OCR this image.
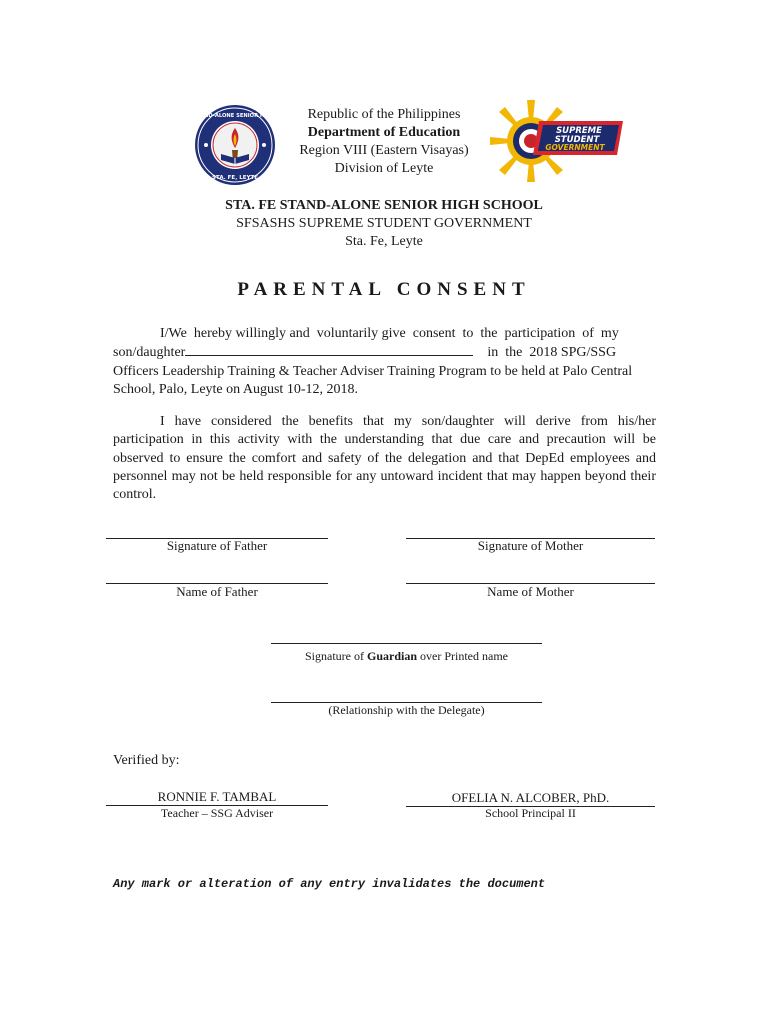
STA. FE STAND-ALONE SENIOR HIGH SCHOOL
STA. FE, LEYTE
SUPREME
STUDENT
GOVERNMENT
Republic of the Philippines
Department of Education
Region VIII (Eastern Visayas)
Division of Leyte
STA. FE STAND-ALONE SENIOR HIGH SCHOOL
SFSASHS SUPREME STUDENT GOVERNMENT
Sta. Fe, Leyte
PARENTAL CONSENT
I/We  hereby willingly and  voluntarily give  consent  to  the  participation  of  my
son/daughter	in  the  2018 SPG/SSG
Officers Leadership Training & Teacher Adviser Training Program to be held at Palo Central School, Palo, Leyte on August 10-12, 2018.
I have considered the benefits that my son/daughter will derive from his/her participation in this activity with the understanding that due care and precaution will be observed to ensure the comfort and safety of the delegation and that DepEd employees and personnel may not be held responsible for any untoward incident that may happen beyond their control.
Signature of Father	Signature of Mother
Name of Father	Name of Mother
Signature of Guardian over Printed name
(Relationship with the Delegate)
Verified by:
RONNIE F. TAMBAL
Teacher – SSG Adviser
OFELIA N. ALCOBER, PhD.
School Principal II
Any mark or alteration of any entry invalidates the document
